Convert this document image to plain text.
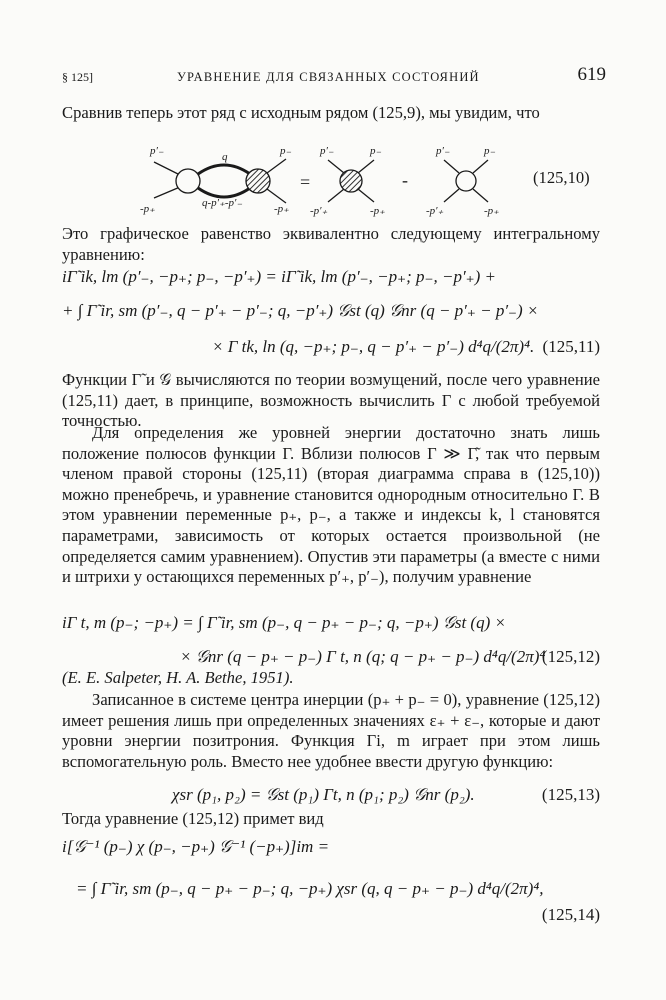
§ 125]	УРАВНЕНИЕ ДЛЯ СВЯЗАННЫХ СОСТОЯНИЙ	619
Сравнив теперь этот ряд с исходным рядом (125,9), мы увидим, что
p′₋
-p₊
q
q-p′₊-p′₋
p₋
-p₊
=
p′₋	p₋
-p′₊	-p₊
-
p′₋	p₋
-p′₊	-p₊
(125,10)
Это графическое равенство эквивалентно следующему интегральному уравнению:
iΓ̃ ik, lm (p′₋, −p₊; p₋, −p′₊) = iΓ̃ ik, lm (p′₋, −p₊; p₋, −p′₊) +
+ ∫ Γ̃ ir, sm (p′₋, q − p′₊ − p′₋; q, −p′₊) 𝒢st (q) 𝒢nr (q − p′₊ − p′₋) ×
× Γ tk, ln (q, −p₊; p₋, q − p′₊ − p′₋) d⁴q/(2π)⁴. (125,11)
Функции Γ̃ и 𝒢 вычисляются по теории возмущений, после чего уравнение (125,11) дает, в принципе, возможность вычислить Γ с любой требуемой точностью.
Для определения же уровней энергии достаточно знать лишь положение полюсов функции Γ. Вблизи полюсов Γ ≫ Γ̃, так что первым членом правой стороны (125,11) (вторая диаграмма справа в (125,10)) можно пренебречь, и уравнение становится однородным относительно Γ. В этом уравнении переменные p₊, p₋, а также и индексы k, l становятся параметрами, зависимость от которых остается произвольной (не определяется самим уравнением). Опустив эти параметры (а вместе с ними и штрихи у остающихся переменных p′₊, p′₋), получим уравнение
iΓ t, m (p₋; −p₊) = ∫ Γ̃ ir, sm (p₋, q − p₊ − p₋; q, −p₊) 𝒢st (q) ×
× 𝒢nr (q − p₊ − p₋) Γ t, n (q; q − p₊ − p₋) d⁴q/(2π)⁴
(125,12)
(E. E. Salpeter, H. A. Bethe, 1951).
Записанное в системе центра инерции (p₊ + p₋ = 0), уравнение (125,12) имеет решения лишь при определенных значениях ε₊ + ε₋, которые и дают уровни энергии позитрония. Функция Γi, m играет при этом лишь вспомогательную роль. Вместо нее удобнее ввести другую функцию:
χsr (p₁, p₂) = 𝒢st (p₁) Γt, n (p₁; p₂) 𝒢nr (p₂).	(125,13)
Тогда уравнение (125,12) примет вид
i[𝒢⁻¹ (p₋) χ (p₋, −p₊) 𝒢⁻¹ (−p₊)]im =
= ∫ Γ̃ ir, sm (p₋, q − p₊ − p₋; q, −p₊) χsr (q, q − p₊ − p₋) d⁴q/(2π)⁴,
(125,14)
